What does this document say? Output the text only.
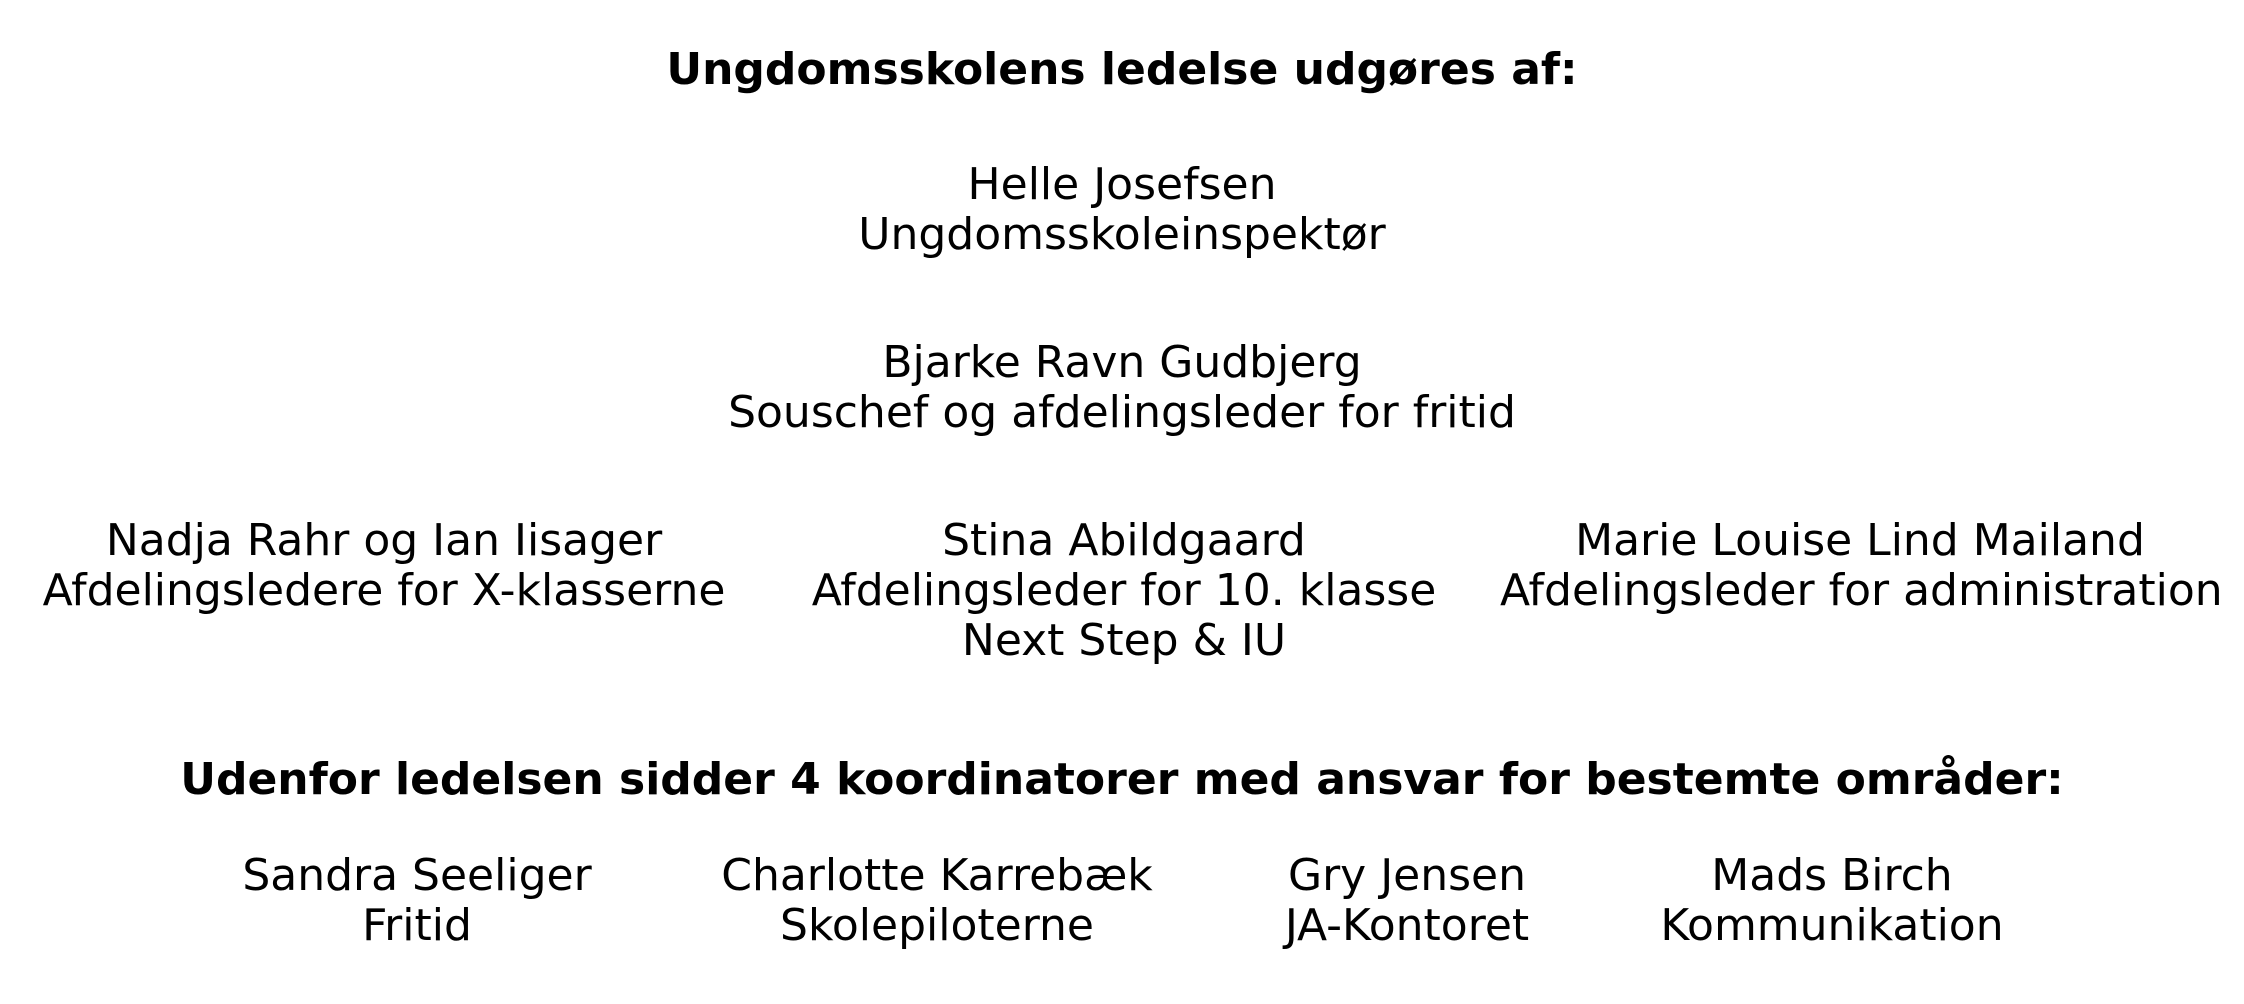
Ungdomsskolens ledelse udgøres af:
Helle Josefsen
Ungdomsskoleinspektør
Bjarke Ravn Gudbjerg
Souschef og afdelingsleder for fritid
Nadja Rahr og Ian Iisager
Afdelingsledere for X-klasserne
Stina Abildgaard
Afdelingsleder for 10. klasse
Next Step & IU
Marie Louise Lind Mailand
Afdelingsleder for administration
Udenfor ledelsen sidder 4 koordinatorer med ansvar for bestemte områder:
Sandra Seeliger
Fritid
Charlotte Karrebæk
Skolepiloterne
Gry Jensen
JA-Kontoret
Mads Birch
Kommunikation
